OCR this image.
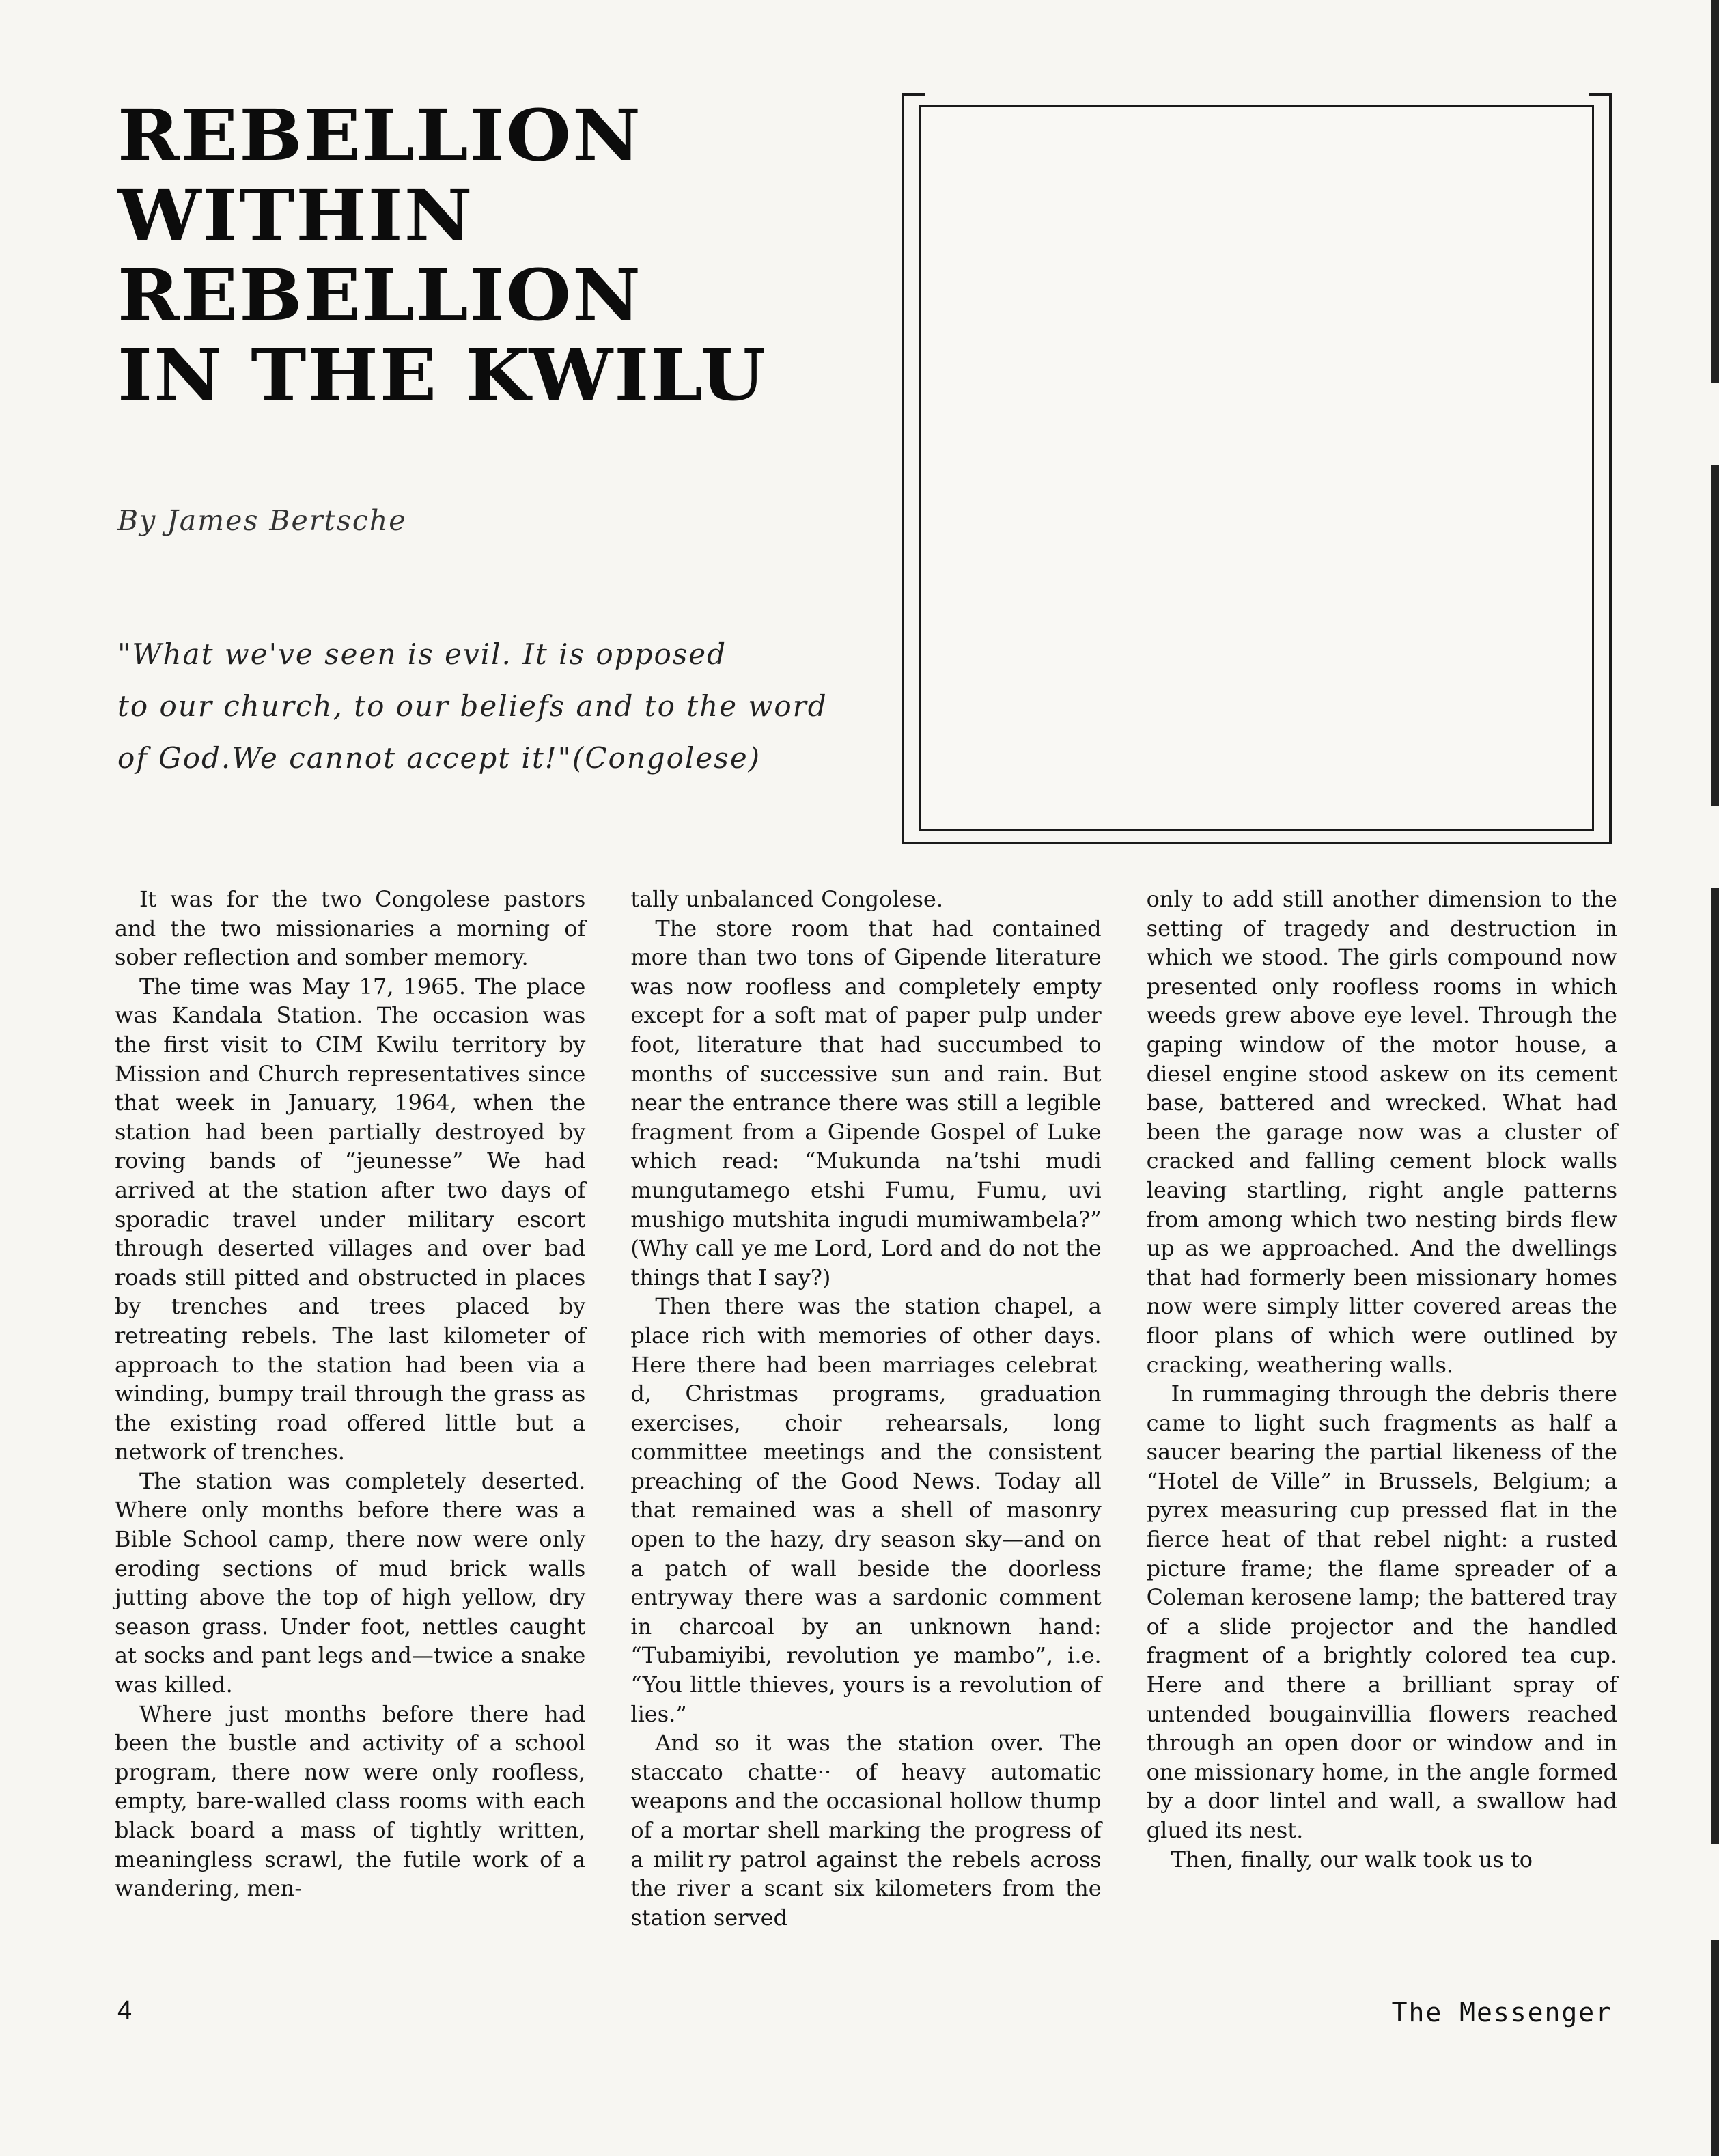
REBELLION
WITHIN
REBELLION
IN THE KWILU
By James Bertsche
"What we've seen is evil. It is opposed
to our church, to our beliefs and to the word
of God.We cannot accept it!"(Congolese)

It was for the two Congolese pastors and the two missionaries a morning of sober reflection and somber memory.

The time was May 17, 1965. The place was Kandala Station. The occasion was the first visit to CIM Kwilu territory by Mission and Church representatives since that week in January, 1964, when the station had been partially destroyed by roving bands of “jeunesse” We had arrived at the station after two days of sporadic travel under military escort through deserted villages and over bad roads still pitted and obstructed in places by trenches and trees placed by retreating rebels. The last kilometer of approach to the station had been via a winding, bumpy trail through the grass as the existing road offered little but a network of trenches.

The station was completely deserted. Where only months before there was a Bible School camp, there now were only eroding sections of mud brick walls jutting above the top of high yellow, dry season grass. Under foot, nettles caught at socks and pant legs and—twice a snake was killed.

Where just months before there had been the bustle and activity of a school program, there now were only roofless, empty, bare-walled class rooms with each black board a mass of tightly written, meaningless scrawl, the futile work of a wandering, men-

tally unbalanced Congolese.

The store room that had contained more than two tons of Gipende literature was now roofless and completely empty except for a soft mat of paper pulp under foot, literature that had succumbed to months of successive sun and rain. But near the entrance there was still a legible fragment from a Gipende Gospel of Luke which read: “Mukunda na’tshi mudi mungutamego etshi Fumu, Fumu, uvi mushigo mutshita ingudi mumiwambela?” (Why call ye me Lord, Lord and do not the things that I say?)

Then there was the station chapel, a place rich with memories of other days. Here there had been marriages celebrat d, Christmas programs, graduation exercises, choir rehearsals, long committee meetings and the consistent preaching of the Good News. Today all that remained was a shell of masonry open to the hazy, dry season sky—and on a patch of wall beside the doorless entryway there was a sardonic comment in charcoal by an unknown hand: “Tubamiyibi, revolution ye mambo”, i.e. “You little thieves, yours is a revolution of lies.”

And so it was the station over. The staccato chatte·· of heavy automatic weapons and the occasional hollow thump of a mortar shell marking the progress of a milit ry patrol against the rebels across the river a scant six kilometers from the station served

only to add still another dimension to the setting of tragedy and destruction in which we stood. The girls compound now presented only roofless rooms in which weeds grew above eye level. Through the gaping window of the motor house, a diesel engine stood askew on its cement base, battered and wrecked. What had been the garage now was a cluster of cracked and falling cement block walls leaving startling, right angle patterns from among which two nesting birds flew up as we approached. And the dwellings that had formerly been missionary homes now were simply litter covered areas the floor plans of which were outlined by cracking, weathering walls.

In rummaging through the debris there came to light such fragments as half a saucer bearing the partial likeness of the “Hotel de Ville” in Brussels, Belgium; a pyrex measuring cup pressed flat in the fierce heat of that rebel night: a rusted picture frame; the flame spreader of a Coleman kerosene lamp; the battered tray of a slide projector and the handled fragment of a brightly colored tea cup. Here and there a brilliant spray of untended bougainvillia flowers reached through an open door or window and in one missionary home, in the angle formed by a door lintel and wall, a swallow had glued its nest.

Then, finally, our walk took us to

4	The Messenger
